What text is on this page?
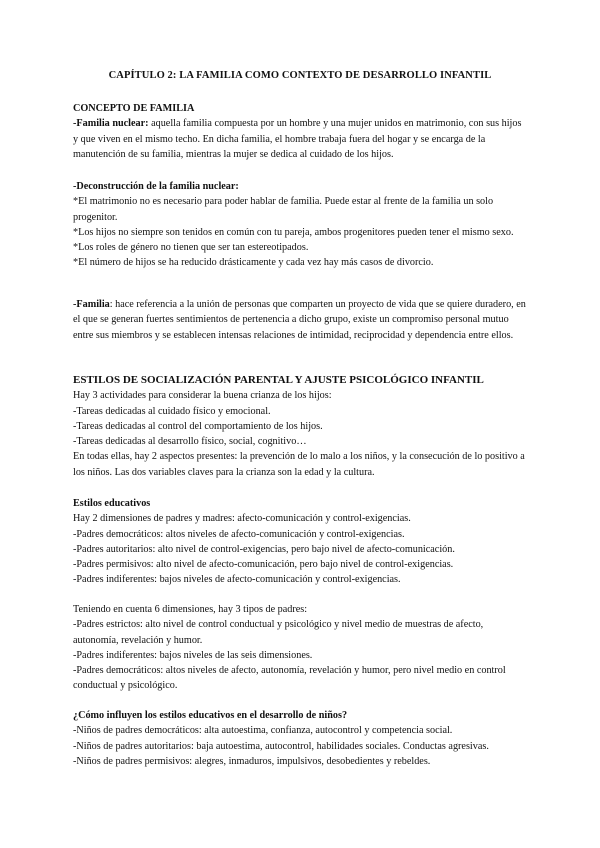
CAPÍTULO 2: LA FAMILIA COMO CONTEXTO DE DESARROLLO INFANTIL

CONCEPTO DE FAMILIA

-Familia nuclear: aquella familia compuesta por un hombre y una mujer unidos en matrimonio, con sus hijos y que viven en el mismo techo. En dicha familia, el hombre trabaja fuera del hogar y se encarga de la manutención de su familia, mientras la mujer se dedica al cuidado de los hijos.

-Deconstrucción de la familia nuclear:

*El matrimonio no es necesario para poder hablar de familia. Puede estar al frente de la familia un solo progenitor.

*Los hijos no siempre son tenidos en común con tu pareja, ambos progenitores pueden tener el mismo sexo.

*Los roles de género no tienen que ser tan estereotipados.

*El número de hijos se ha reducido drásticamente y cada vez hay más casos de divorcio.

-Familia: hace referencia a la unión de personas que comparten un proyecto de vida que se quiere duradero, en el que se generan fuertes sentimientos de pertenencia a dicho grupo, existe un compromiso personal mutuo entre sus miembros y se establecen intensas relaciones de intimidad, reciprocidad y dependencia entre ellos.

ESTILOS DE SOCIALIZACIÓN PARENTAL Y AJUSTE PSICOLÓGICO INFANTIL

Hay 3 actividades para considerar la buena crianza de los hijos:

-Tareas dedicadas al cuidado físico y emocional.

-Tareas dedicadas al control del comportamiento de los hijos.

-Tareas dedicadas al desarrollo físico, social, cognitivo…

En todas ellas, hay 2 aspectos presentes: la prevención de lo malo a los niños, y la consecución de lo positivo a los niños. Las dos variables claves para la crianza son la edad y la cultura.

Estilos educativos

Hay 2 dimensiones de padres y madres: afecto-comunicación y control-exigencias.

-Padres democráticos: altos niveles de afecto-comunicación y control-exigencias.

-Padres autoritarios: alto nivel de control-exigencias, pero bajo nivel de afecto-comunicación.

-Padres permisivos: alto nivel de afecto-comunicación, pero bajo nivel de control-exigencias.

-Padres indiferentes: bajos niveles de afecto-comunicación y control-exigencias.

Teniendo en cuenta 6 dimensiones, hay 3 tipos de padres:

-Padres estrictos: alto nivel de control conductual y psicológico y nivel medio de muestras de afecto, autonomía, revelación y humor.

-Padres indiferentes: bajos niveles de las seis dimensiones.

-Padres democráticos: altos niveles de afecto, autonomía, revelación y humor, pero nivel medio en control conductual y psicológico.

¿Cómo influyen los estilos educativos en el desarrollo de niños?

-Niños de padres democráticos: alta autoestima, confianza, autocontrol y competencia social.

-Niños de padres autoritarios: baja autoestima, autocontrol, habilidades sociales. Conductas agresivas.

-Niños de padres permisivos: alegres, inmaduros, impulsivos, desobedientes y rebeldes.
